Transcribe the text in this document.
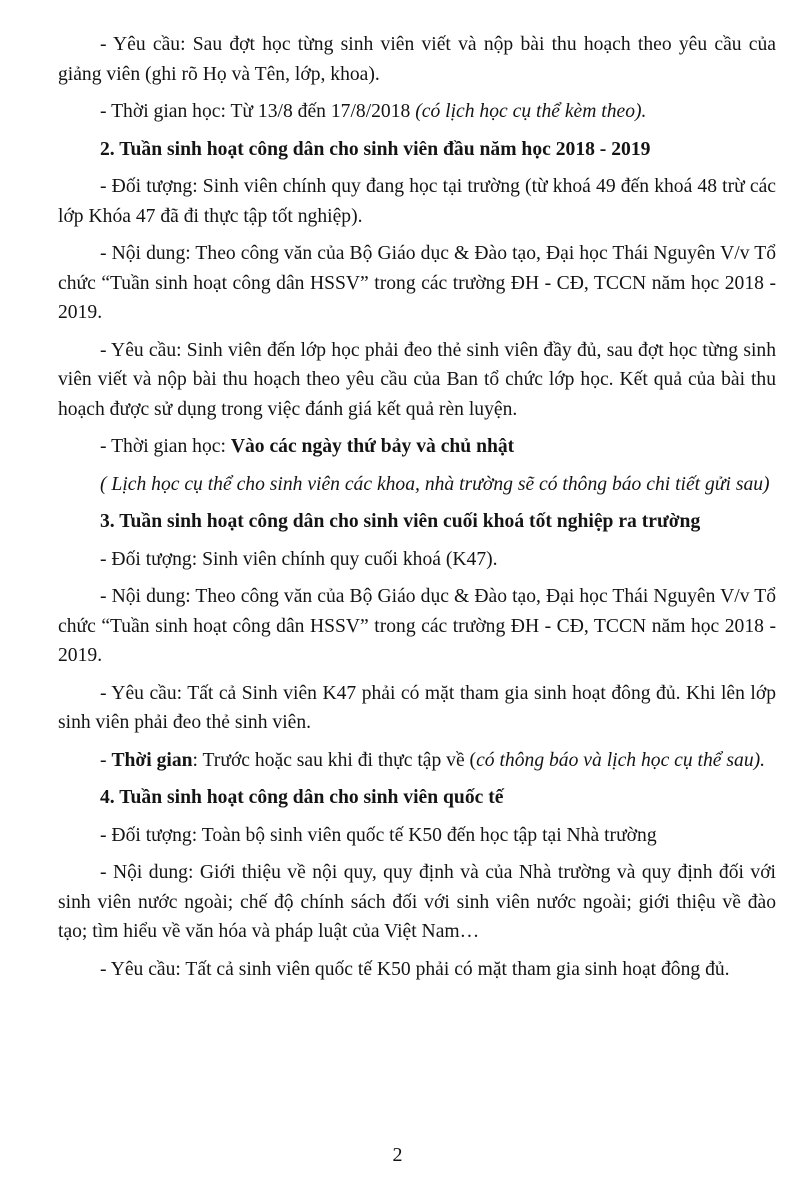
- Yêu cầu: Sau đợt học từng sinh viên viết và nộp bài thu hoạch theo yêu cầu của giảng viên (ghi rõ Họ và Tên, lớp, khoa).

- Thời gian học: Từ 13/8 đến 17/8/2018 (có lịch học cụ thể kèm theo).

2. Tuần sinh hoạt công dân cho sinh viên đầu năm học 2018 - 2019

- Đối tượng: Sinh viên chính quy đang học tại trường (từ khoá 49 đến khoá 48 trừ các lớp Khóa 47 đã đi thực tập tốt nghiệp).

- Nội dung: Theo công văn của Bộ Giáo dục & Đào tạo, Đại học Thái Nguyên V/v Tổ chức “Tuần sinh hoạt công dân HSSV” trong các trường ĐH - CĐ, TCCN năm học 2018 - 2019.

- Yêu cầu: Sinh viên đến lớp học phải đeo thẻ sinh viên đầy đủ, sau đợt học từng sinh viên viết và nộp bài thu hoạch theo yêu cầu của Ban tổ chức lớp học. Kết quả của bài thu hoạch được sử dụng trong việc đánh giá kết quả rèn luyện.

- Thời gian học: Vào các ngày thứ bảy và chủ nhật

( Lịch học cụ thể cho sinh viên các khoa, nhà trường sẽ có thông báo chi tiết gửi sau)

3. Tuần sinh hoạt công dân cho sinh viên cuối khoá tốt nghiệp ra trường

- Đối tượng: Sinh viên chính quy cuối khoá (K47).

- Nội dung: Theo công văn của Bộ Giáo dục & Đào tạo, Đại học Thái Nguyên V/v Tổ chức “Tuần sinh hoạt công dân HSSV” trong các trường ĐH - CĐ, TCCN năm học 2018 - 2019.

- Yêu cầu: Tất cả Sinh viên K47 phải có mặt tham gia sinh hoạt đông đủ. Khi lên lớp sinh viên phải đeo thẻ sinh viên.

- Thời gian: Trước hoặc sau khi đi thực tập về (có thông báo và lịch học cụ thể sau).

4. Tuần sinh hoạt công dân cho sinh viên quốc tế

- Đối tượng: Toàn bộ sinh viên quốc tế K50 đến học tập tại Nhà trường

- Nội dung: Giới thiệu về nội quy, quy định và của Nhà trường và quy định đối với sinh viên nước ngoài; chế độ chính sách đối với sinh viên nước ngoài; giới thiệu về đào tạo; tìm hiểu về văn hóa và pháp luật của Việt Nam…

- Yêu cầu: Tất cả sinh viên quốc tế K50 phải có mặt tham gia sinh hoạt đông đủ.

2
